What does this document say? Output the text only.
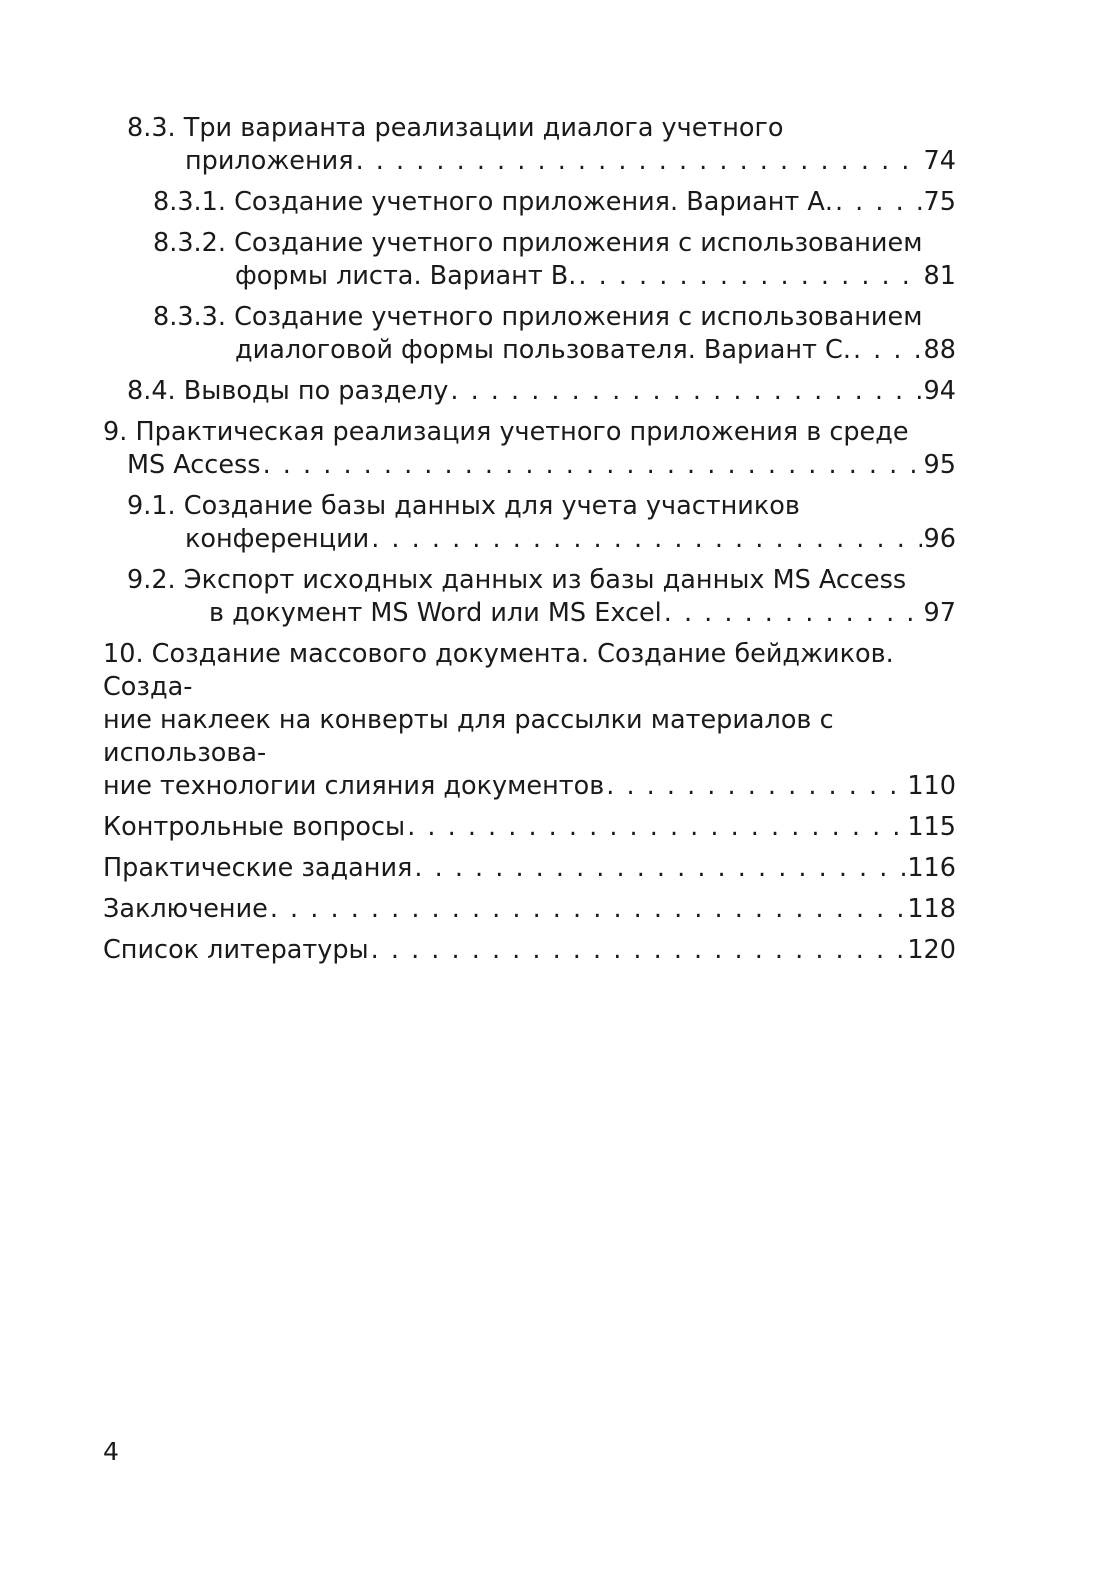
8.3. Три варианта реализации диалога учетного
приложения . . .	74
8.3.1. Создание учетного приложения. Вариант А. . . .	75
8.3.2. Создание учетного приложения с использованием
формы листа. Вариант В. . . .	81
8.3.3. Создание учетного приложения с использованием
диалоговой формы пользователя. Вариант С. . . .	88
8.4. Выводы по разделу . . .	94
9. Практическая реализация учетного приложения в среде
MS Access . . .	95
9.1. Создание базы данных для учета участников
конференции . . .	96
9.2. Экспорт исходных данных из базы данных MS Access
в документ MS Word или MS Excel . . .	97
10. Создание массового документа. Создание бейджиков. Созда-
ние наклеек на конверты для рассылки материалов с использова-
ние технологии слияния документов . . .	110
Контрольные вопросы . . .	115
Практические задания . . .	116
Заключение . . .	118
Список литературы . . .	120
4
